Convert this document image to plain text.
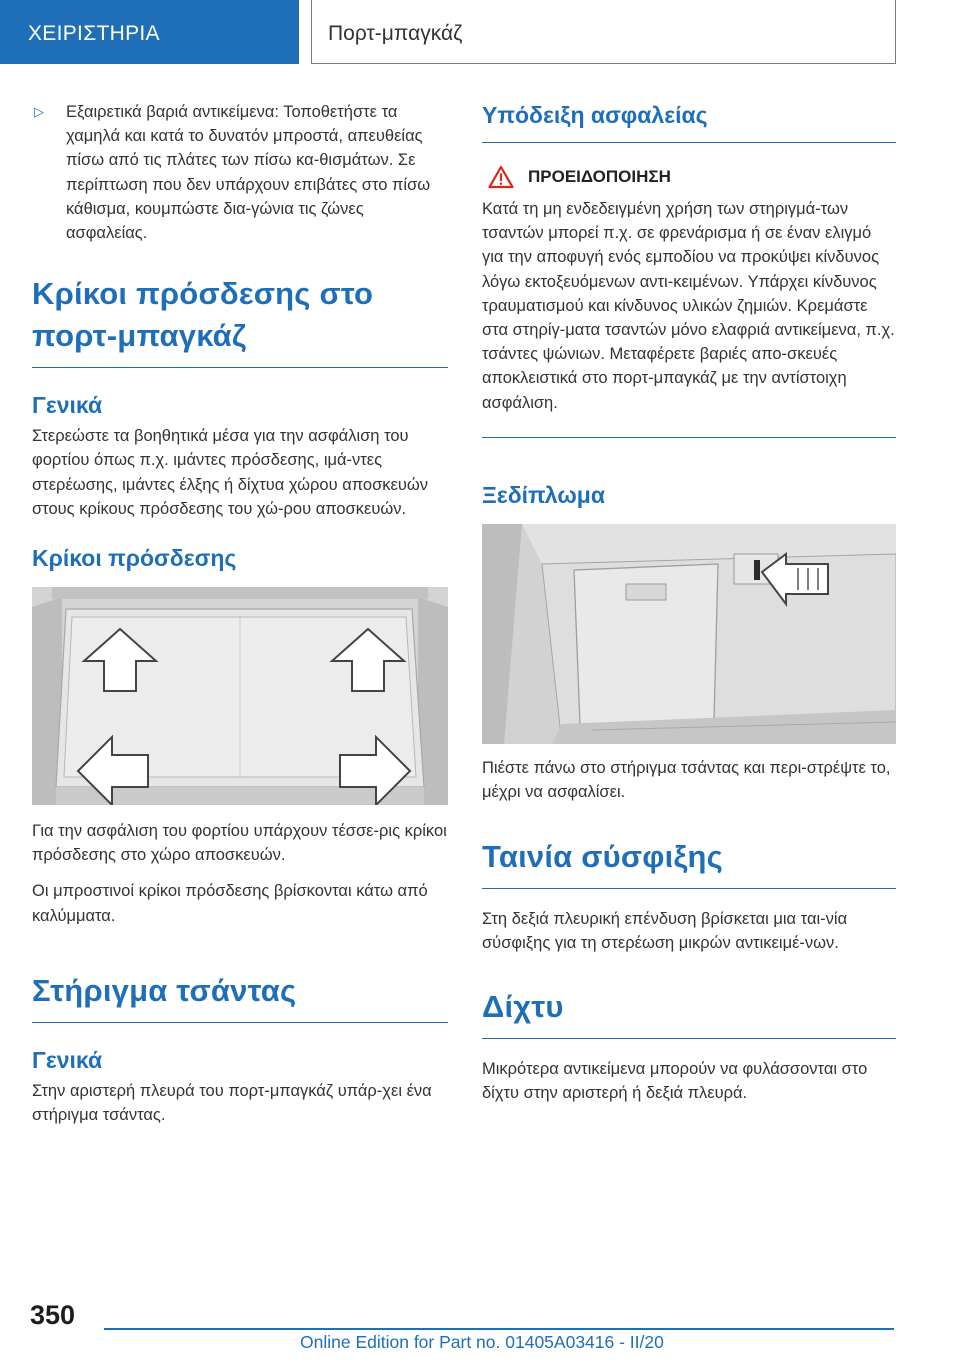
ΧΕΙΡΙΣΤΗΡΙΑ	Πορτ-μπαγκάζ
▷	Εξαιρετικά βαριά αντικείμενα: Τοποθετήστε τα χαμηλά και κατά το δυνατόν μπροστά, απευθείας πίσω από τις πλάτες των πίσω κα-θισμάτων. Σε περίπτωση που δεν υπάρχουν επιβάτες στο πίσω κάθισμα, κουμπώστε δια-γώνια τις ζώνες ασφαλείας.
Κρίκοι πρόσδεσης στο πορτ-μπαγκάζ
Γενικά

Στερεώστε τα βοηθητικά μέσα για την ασφάλιση του φορτίου όπως π.χ. ιμάντες πρόσδεσης, ιμά-ντες στερέωσης, ιμάντες έλξης ή δίχτυα χώρου αποσκευών στους κρίκους πρόσδεσης του χώ-ρου αποσκευών.

Κρίκοι πρόσδεσης

Για την ασφάλιση του φορτίου υπάρχουν τέσσε-ρις κρίκοι πρόσδεσης στο χώρο αποσκευών.

Οι μπροστινοί κρίκοι πρόσδεσης βρίσκονται κάτω από καλύμματα.

Στήριγμα τσάντας
Γενικά

Στην αριστερή πλευρά του πορτ-μπαγκάζ υπάρ-χει ένα στήριγμα τσάντας.

Υπόδειξη ασφαλείας
ΠΡΟΕΙΔΟΠΟΙΗΣΗ

Κατά τη μη ενδεδειγμένη χρήση των στηριγμά-των τσαντών μπορεί π.χ. σε φρενάρισμα ή σε έναν ελιγμό για την αποφυγή ενός εμποδίου να προκύψει κίνδυνος λόγω εκτοξευόμενων αντι-κειμένων. Υπάρχει κίνδυνος τραυματισμού και κίνδυνος υλικών ζημιών. Κρεμάστε στα στηρίγ-ματα τσαντών μόνο ελαφριά αντικείμενα, π.χ. τσάντες ψώνιων. Μεταφέρετε βαριές απο-σκευές αποκλειστικά στο πορτ-μπαγκάζ με την αντίστοιχη ασφάλιση.

Ξεδίπλωμα

Πιέστε πάνω στο στήριγμα τσάντας και περι-στρέψτε το, μέχρι να ασφαλίσει.

Ταινία σύσφιξης

Στη δεξιά πλευρική επένδυση βρίσκεται μια ται-νία σύσφιξης για τη στερέωση μικρών αντικειμέ-νων.

Δίχτυ

Μικρότερα αντικείμενα μπορούν να φυλάσσονται στο δίχτυ στην αριστερή ή δεξιά πλευρά.

350
Online Edition for Part no. 01405A03416 - II/20
